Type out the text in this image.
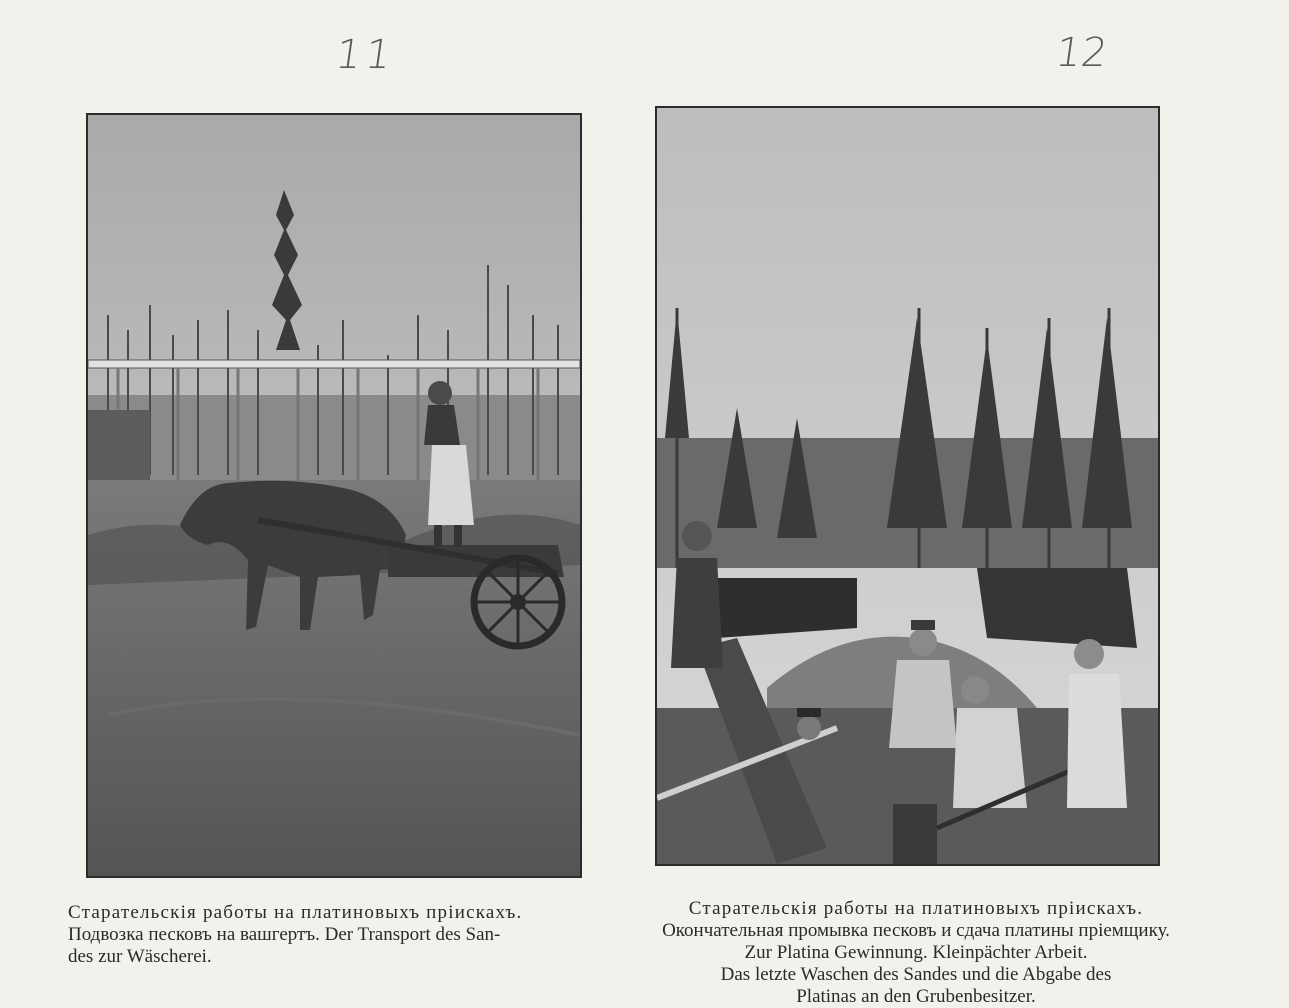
11	12
Старательскія работы на платиновыхъ пріискахъ.
Подвозка песковъ на вашгертъ. Der Transport des San-
des zur Wäscherei.
Старательскія работы на платиновыхъ пріискахъ.
Окончательная промывка песковъ и сдача платины пріемщику.
Zur Platina Gewinnung. Kleinpächter Arbeit.
Das letzte Waschen des Sandes und die Abgabe des
Platinas an den Grubenbesitzer.
